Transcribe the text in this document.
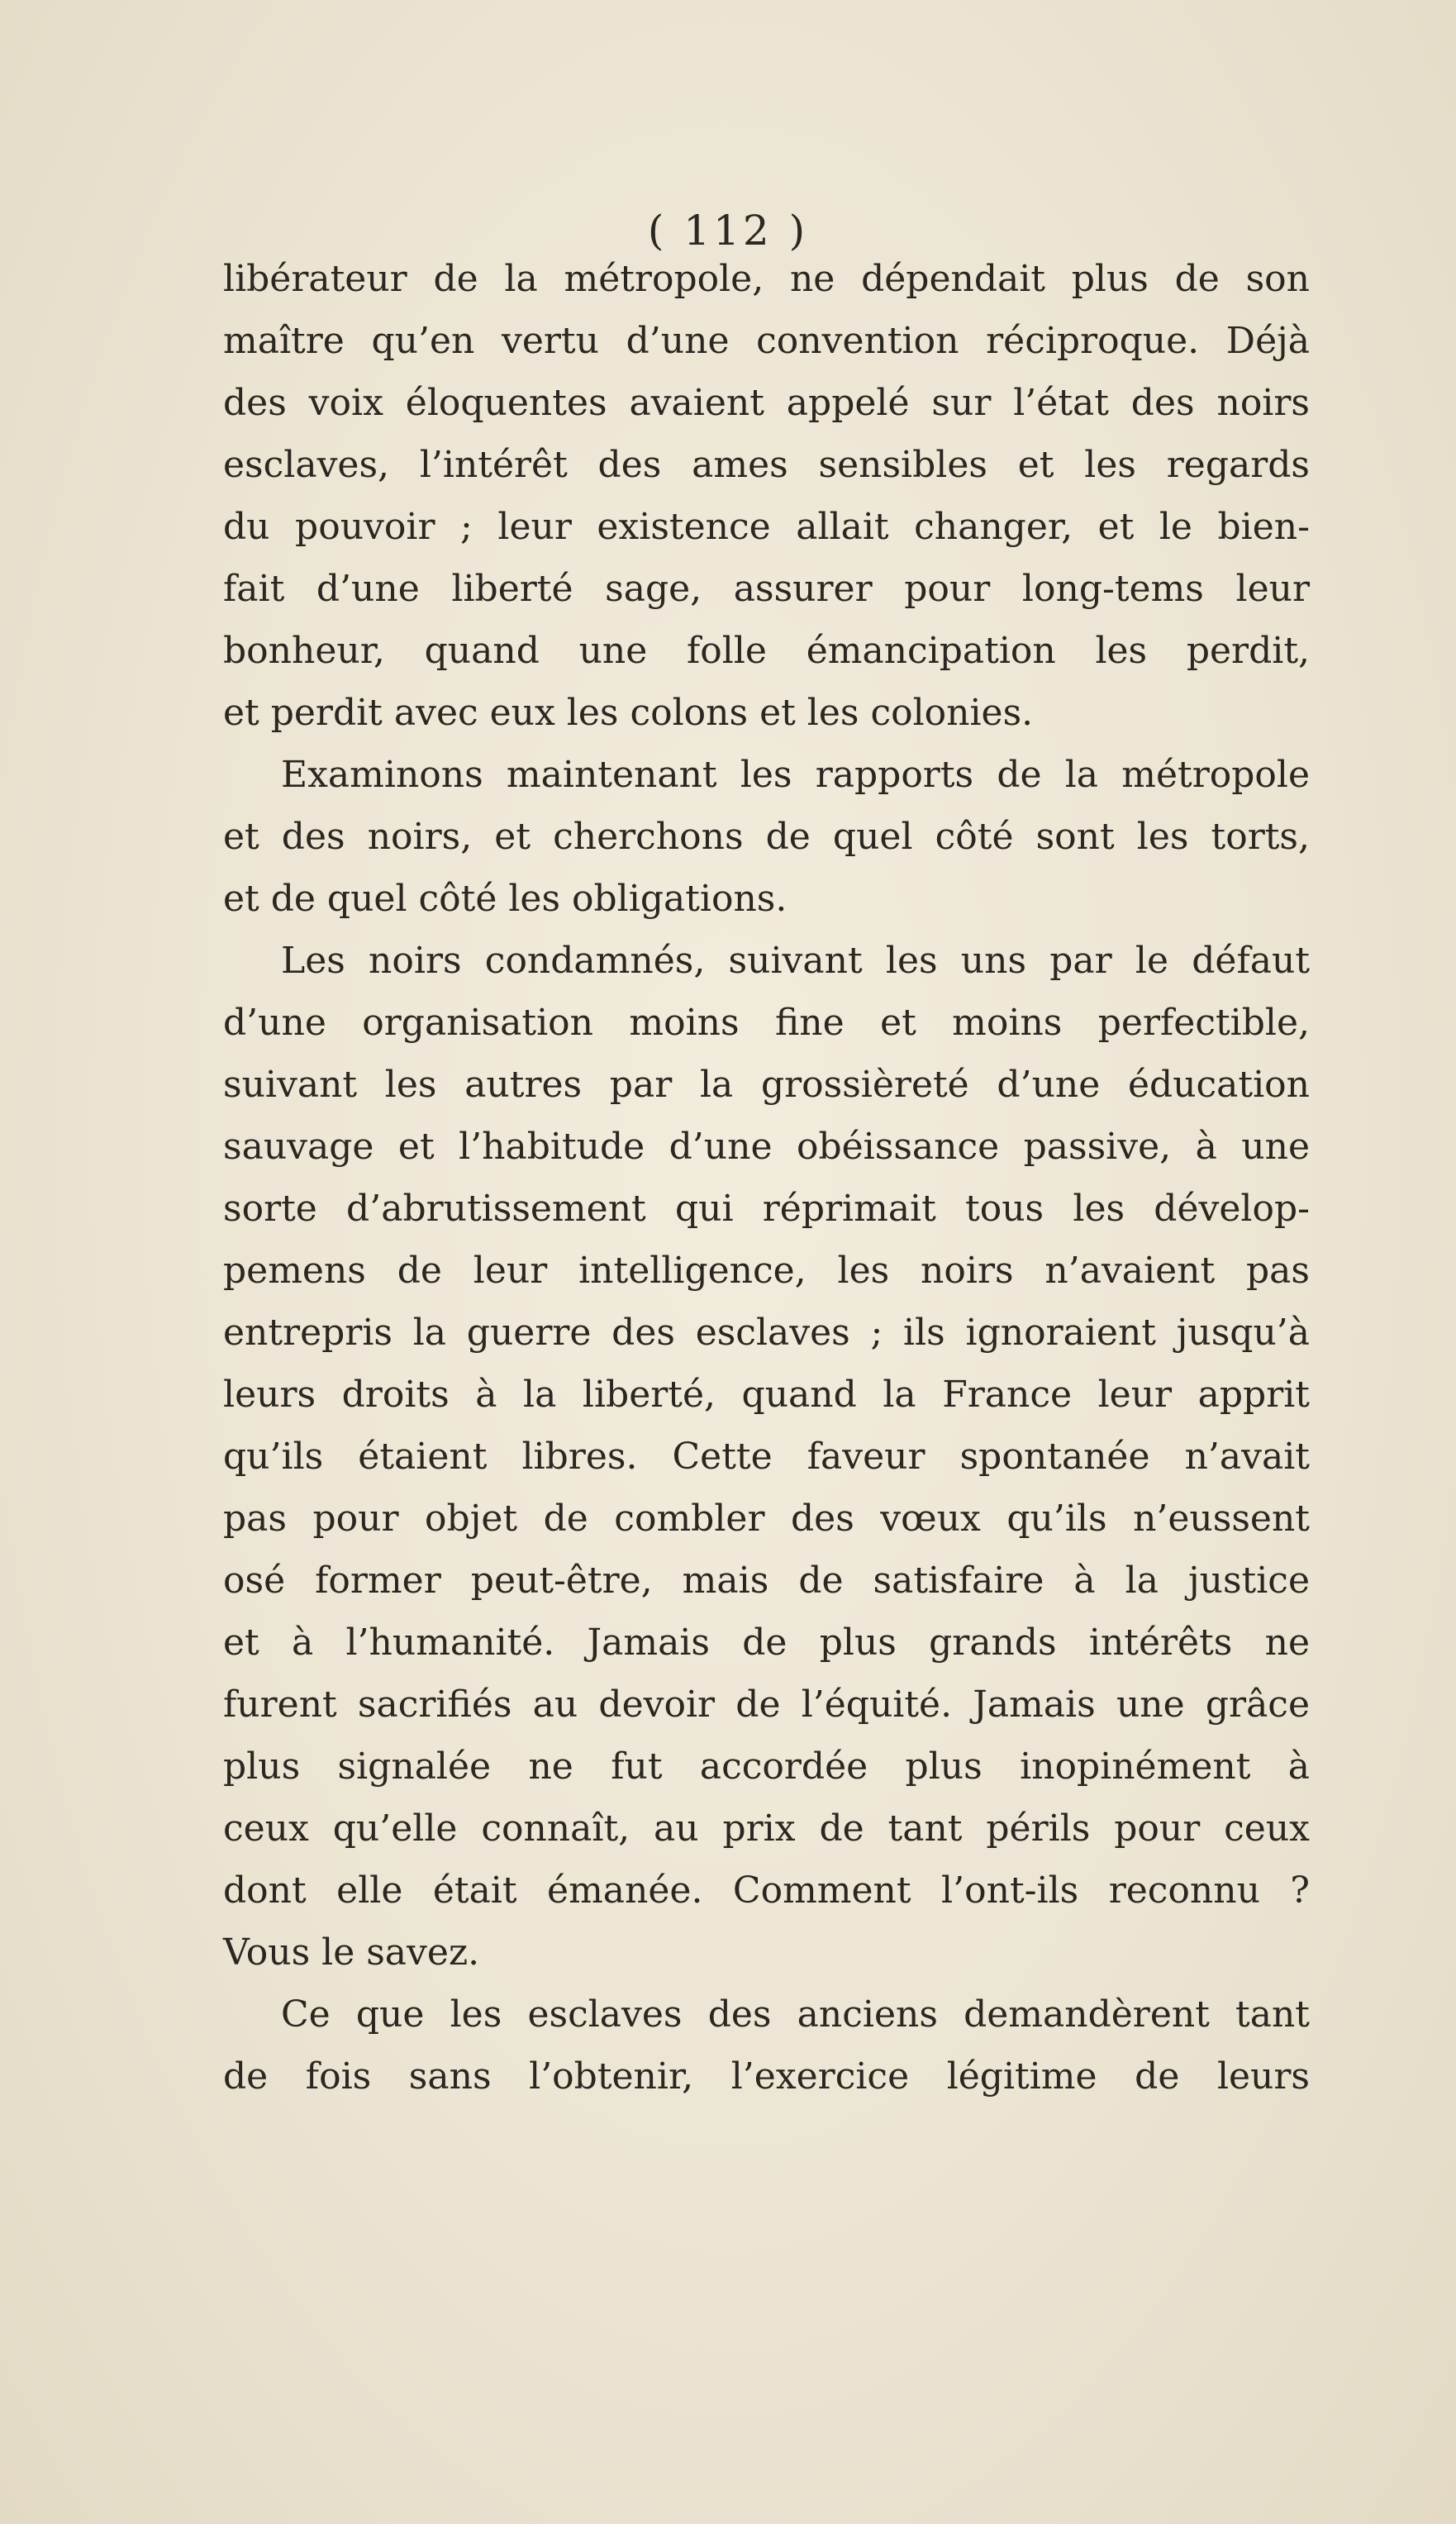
( 112 )
libérateur de la métropole, ne dépendait plus de son
maître qu’en vertu d’une convention réciproque. Déjà
des voix éloquentes avaient appelé sur l’état des noirs
esclaves, l’intérêt des ames sensibles et les regards
du pouvoir ; leur existence allait changer, et le bien-
fait d’une liberté sage, assurer pour long-tems leur
bonheur, quand une folle émancipation les perdit,
et perdit avec eux les colons et les colonies.
Examinons maintenant les rapports de la métropole
et des noirs, et cherchons de quel côté sont les torts,
et de quel côté les obligations.
Les noirs condamnés, suivant les uns par le défaut
d’une organisation moins fine et moins perfectible,
suivant les autres par la grossièreté d’une éducation
sauvage et l’habitude d’une obéissance passive, à une
sorte d’abrutissement qui réprimait tous les dévelop-
pemens de leur intelligence, les noirs n’avaient pas
entrepris la guerre des esclaves ; ils ignoraient jusqu’à
leurs droits à la liberté, quand la France leur apprit
qu’ils étaient libres. Cette faveur spontanée n’avait
pas pour objet de combler des vœux qu’ils n’eussent
osé former peut-être, mais de satisfaire à la justice
et à l’humanité. Jamais de plus grands intérêts ne
furent sacrifiés au devoir de l’équité. Jamais une grâce
plus signalée ne fut accordée plus inopinément à
ceux qu’elle connaît, au prix de tant périls pour ceux
dont elle était émanée. Comment l’ont-ils reconnu ?
Vous le savez.
Ce que les esclaves des anciens demandèrent tant
de fois sans l’obtenir, l’exercice légitime de leurs
